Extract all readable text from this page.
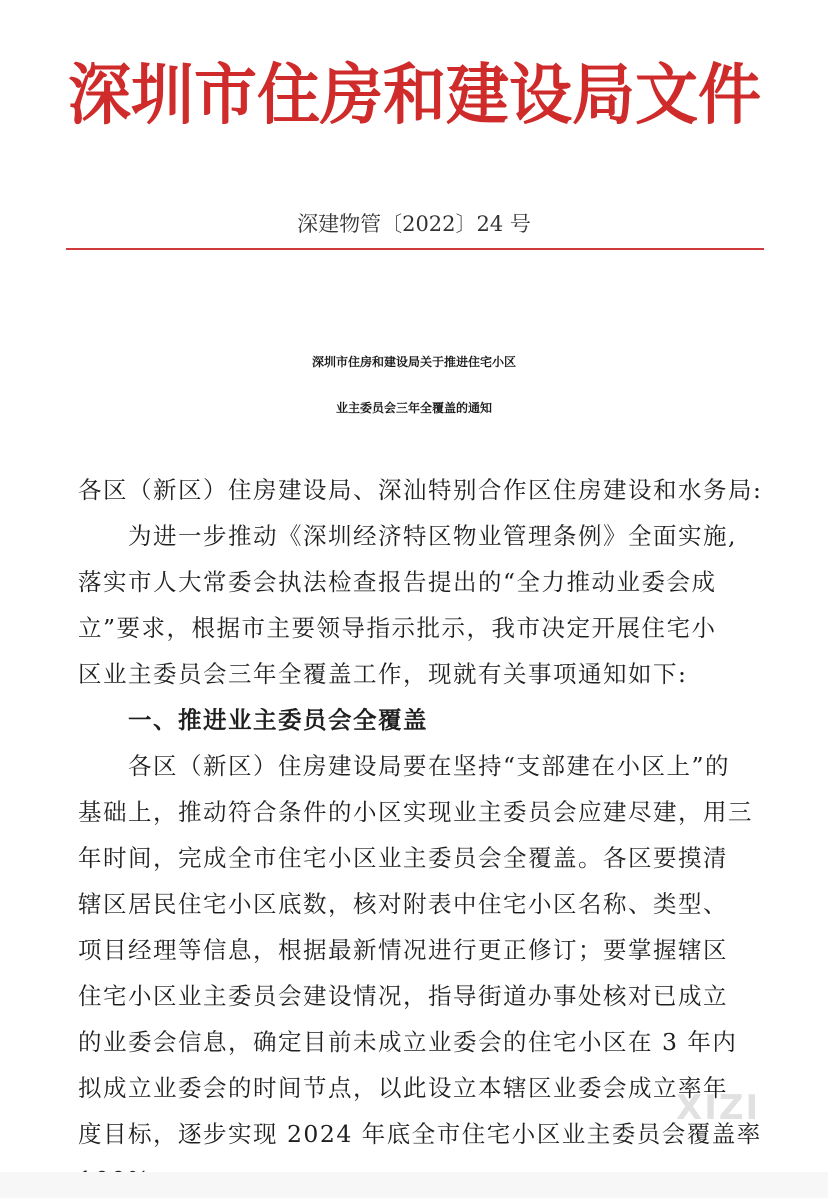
深圳市住房和建设局文件
深建物管〔2022〕24 号
深圳市住房和建设局关于推进住宅小区
业主委员会三年全覆盖的通知
各区（新区）住房建设局、深汕特别合作区住房建设和水务局:
为进一步推动《深圳经济特区物业管理条例》全面实施,
落实市人大常委会执法检查报告提出的“全力推动业委会成
立”要求，根据市主要领导指示批示，我市决定开展住宅小
区业主委员会三年全覆盖工作，现就有关事项通知如下:
一、推进业主委员会全覆盖
各区（新区）住房建设局要在坚持“支部建在小区上”的
基础上，推动符合条件的小区实现业主委员会应建尽建，用三
年时间，完成全市住宅小区业主委员会全覆盖。各区要摸清
辖区居民住宅小区底数，核对附表中住宅小区名称、类型、
项目经理等信息，根据最新情况进行更正修订；要掌握辖区
住宅小区业主委员会建设情况，指导街道办事处核对已成立
的业委会信息，确定目前未成立业委会的住宅小区在 3 年内
拟成立业委会的时间节点，以此设立本辖区业委会成立率年
度目标，逐步实现 2024 年底全市住宅小区业主委员会覆盖率
XIZI
